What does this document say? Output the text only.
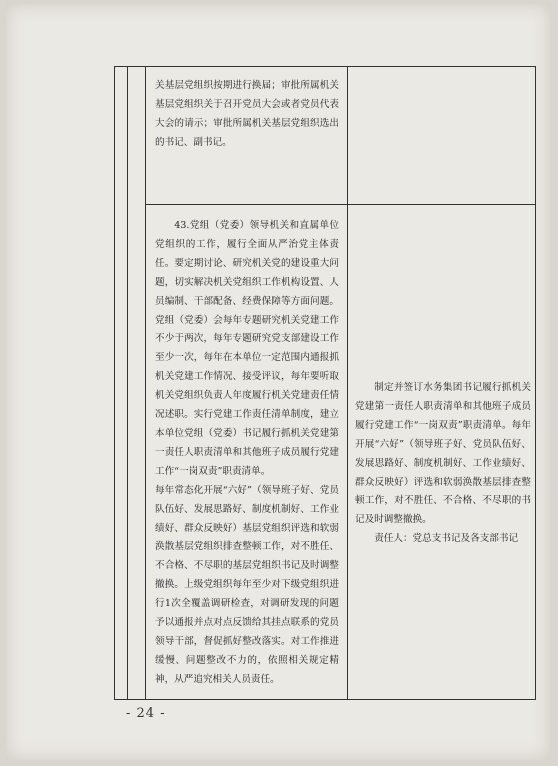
关基层党组织按期进行换届；审批所属机关基层党组织关于召开党员大会或者党员代表大会的请示；审批所属机关基层党组织选出的书记、副书记。

43.党组（党委）领导机关和直属单位党组织的工作，履行全面从严治党主体责任。要定期讨论、研究机关党的建设重大问题，切实解决机关党组织工作机构设置、人员编制、干部配备、经费保障等方面问题。党组（党委）会每年专题研究机关党建工作不少于两次，每年专题研究党支部建设工作至少一次，每年在本单位一定范围内通报抓机关党建工作情况、接受评议，每年要听取机关党组织负责人年度履行机关党建责任情况述职。实行党建工作责任清单制度，建立本单位党组（党委）书记履行抓机关党建第一责任人职责清单和其他班子成员履行党建工作“一岗双责”职责清单。

每年常态化开展“六好”（领导班子好、党员队伍好、发展思路好、制度机制好、工作业绩好、群众反映好）基层党组织评选和软弱涣散基层党组织排查整顿工作，对不胜任、不合格、不尽职的基层党组织书记及时调整撤换。上级党组织每年至少对下级党组织进行1次全覆盖调研检查，对调研发现的问题予以通报并点对点反馈给其挂点联系的党员领导干部，督促抓好整改落实。对工作推进缓慢、问题整改不力的，依照相关规定精神，从严追究相关人员责任。

制定并签订水务集团书记履行抓机关党建第一责任人职责清单和其他班子成员履行党建工作“一岗双责”职责清单。每年开展“六好”（领导班子好、党员队伍好、发展思路好、制度机制好、工作业绩好、群众反映好）评选和软弱涣散基层排查整顿工作，对不胜任、不合格、不尽职的书记及时调整撤换。

责任人：党总支书记及各支部书记

- 24 -
